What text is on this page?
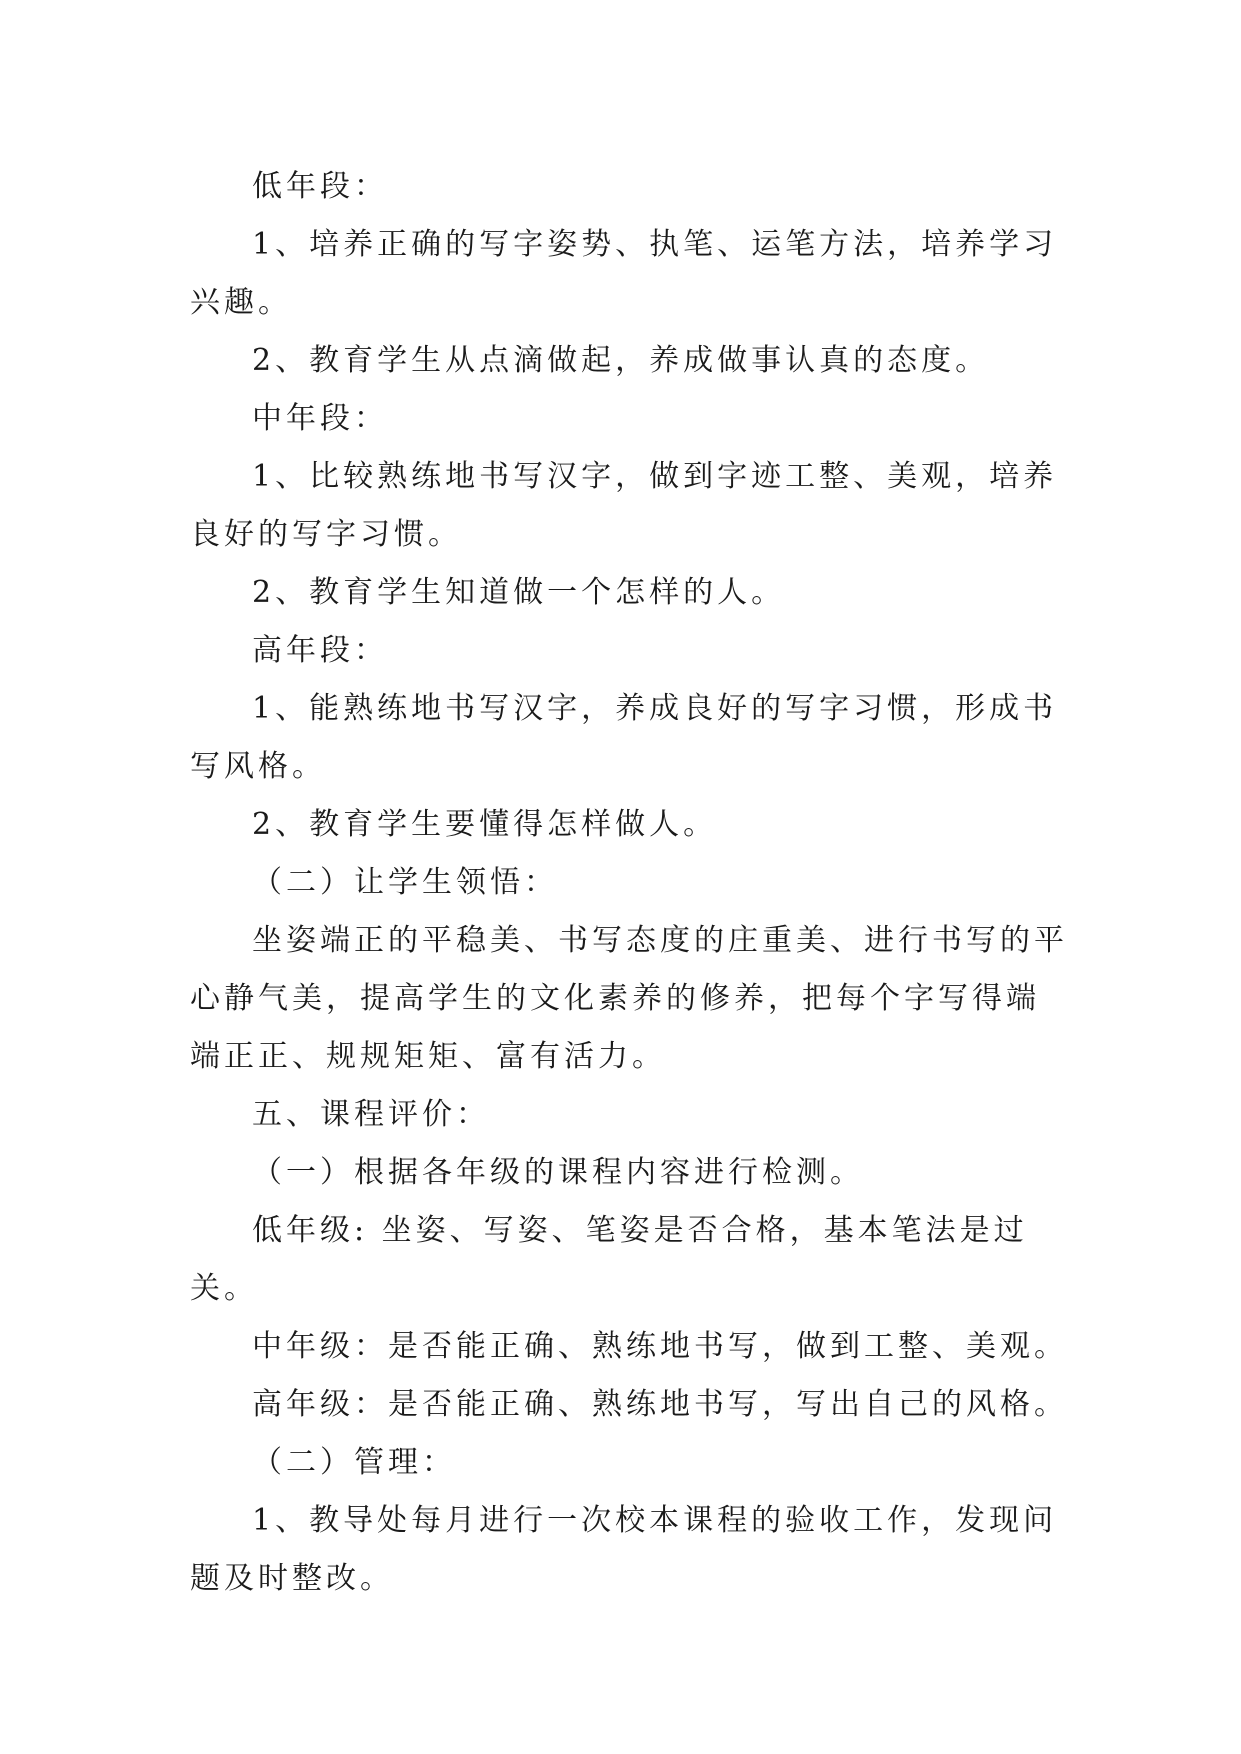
低年段：

1、培养正确的写字姿势、执笔、运笔方法，培养学习兴趣。

2、教育学生从点滴做起，养成做事认真的态度。

中年段：

1、比较熟练地书写汉字，做到字迹工整、美观，培养良好的写字习惯。

2、教育学生知道做一个怎样的人。

高年段：

1、能熟练地书写汉字，养成良好的写字习惯，形成书写风格。

2、教育学生要懂得怎样做人。

（二）让学生领悟：

坐姿端正的平稳美、书写态度的庄重美、进行书写的平心静气美，提高学生的文化素养的修养，把每个字写得端端正正、规规矩矩、富有活力。

五、课程评价：

（一）根据各年级的课程内容进行检测。

低年级: 坐姿、写姿、笔姿是否合格，基本笔法是过关。

中年级：是否能正确、熟练地书写，做到工整、美观。

高年级：是否能正确、熟练地书写，写出自己的风格。

（二）管理：

1、教导处每月进行一次校本课程的验收工作，发现问题及时整改。
